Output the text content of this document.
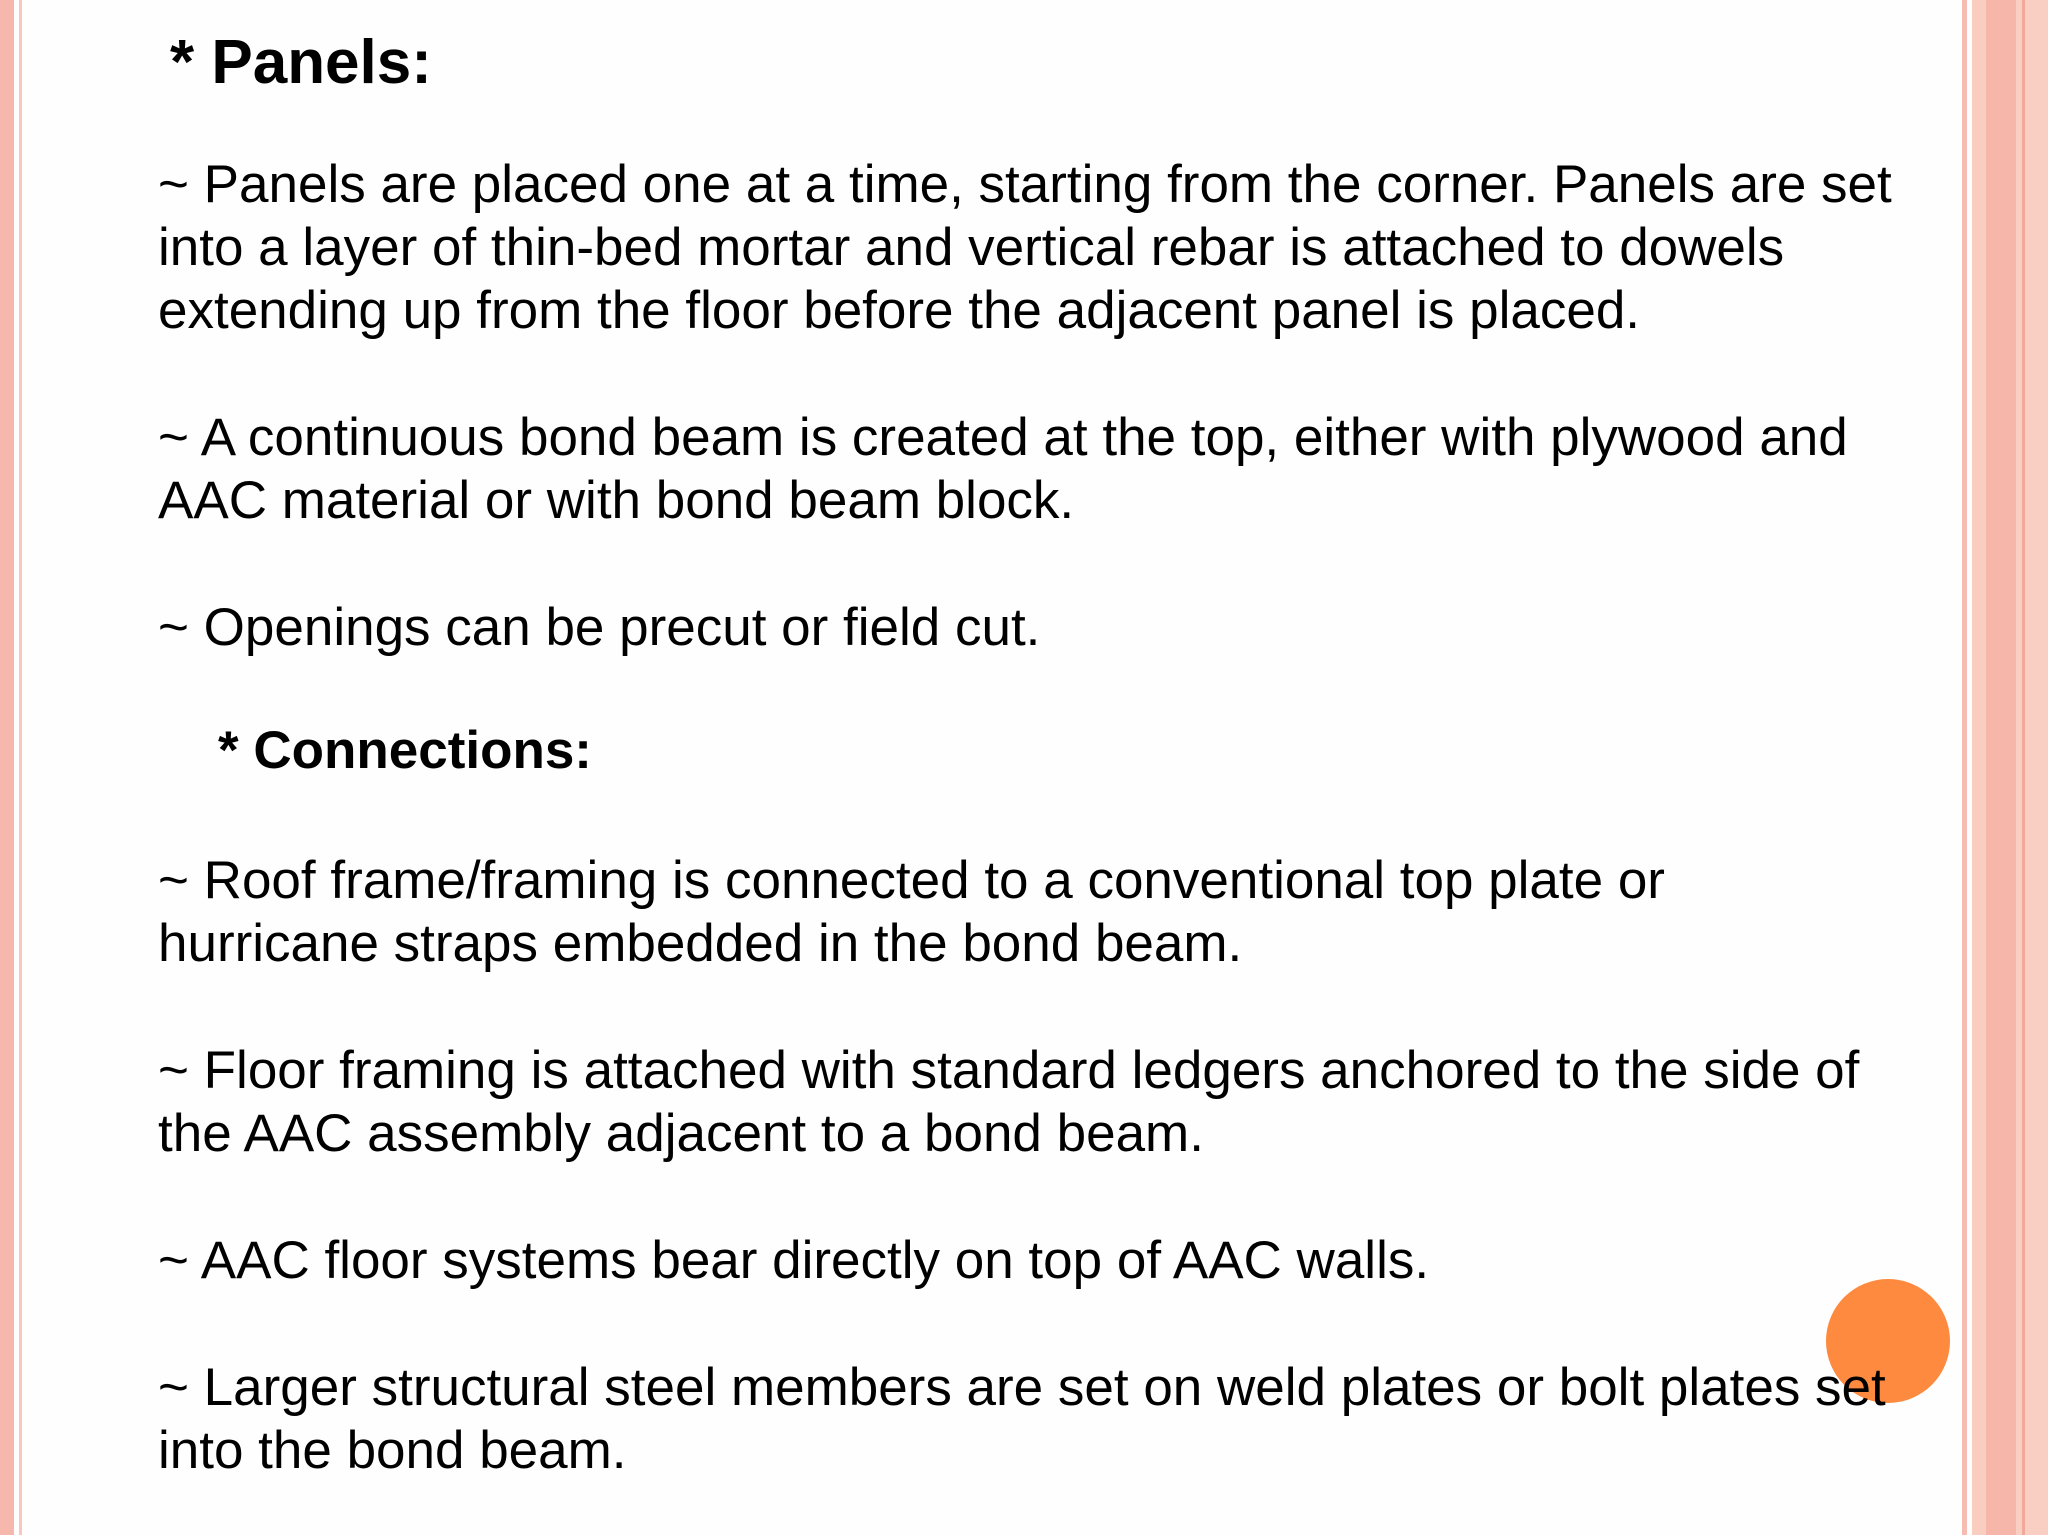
* Panels:
~ Panels are placed one at a time, starting from the corner. Panels are set
into a layer of thin-bed mortar and vertical rebar is attached to dowels
extending up from the floor before the adjacent panel is placed.
~ A continuous bond beam is created at the top, either with plywood and
AAC material or with bond beam block.
~ Openings can be precut or field cut.
* Connections:
~ Roof frame/framing is connected to a conventional top plate or
hurricane straps embedded in the bond beam.
~ Floor framing is attached with standard ledgers anchored to the side of
the AAC assembly adjacent to a bond beam.
~ AAC floor systems bear directly on top of AAC walls.
~ Larger structural steel members are set on weld plates or bolt plates set
into the bond beam.
